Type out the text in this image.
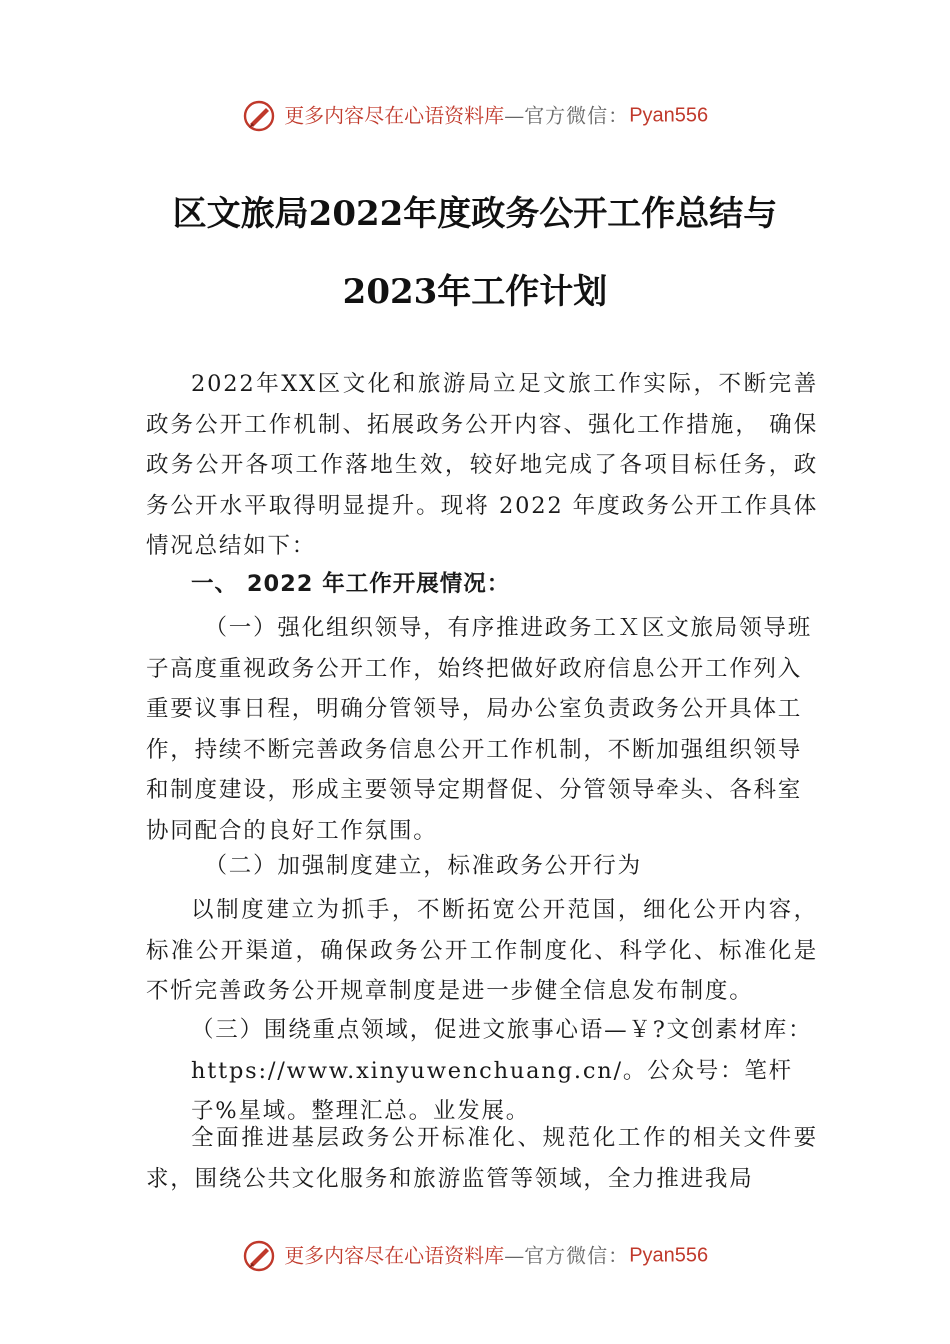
更多内容尽在心语资料库—官方微信：Pyan556
区文旅局2022年度政务公开工作总结与
2023年工作计划

2022年XX区文化和旅游局立足文旅工作实际，不断完善政务公开工作机制、拓展政务公开内容、强化工作措施， 确保政务公开各项工作落地生效，较好地完成了各项目标任务，政务公开水平取得明显提升。现将 2022 年度政务公开工作具体情况总结如下：

一、 2022 年工作开展情况：

（一）强化组织领导，有序推进政务工Ｘ区文旅局领导班子高度重视政务公开工作，始终把做好政府信息公开工作列入重要议事日程，明确分管领导，局办公室负责政务公开具体工作，持续不断完善政务信息公开工作机制，不断加强组织领导和制度建设，形成主要领导定期督促、分管领导牵头、各科室协同配合的良好工作氛围。

（二）加强制度建立，标准政务公开行为

以制度建立为抓手，不断拓宽公开范国，细化公开内容，标准公开渠道，确保政务公开工作制度化、科学化、标准化是不忻完善政务公开规章制度是进一步健全信息发布制度。

（三）围绕重点领域，促进文旅事心语—￥?文创素材库：https://www.xinyuwenchuang.cn/。公众号：笔杆子%星域。整理汇总。业发展。

全面推进基层政务公开标准化、规范化工作的相关文件要求，围绕公共文化服务和旅游监管等领域，全力推进我局

更多内容尽在心语资料库—官方微信：Pyan556
